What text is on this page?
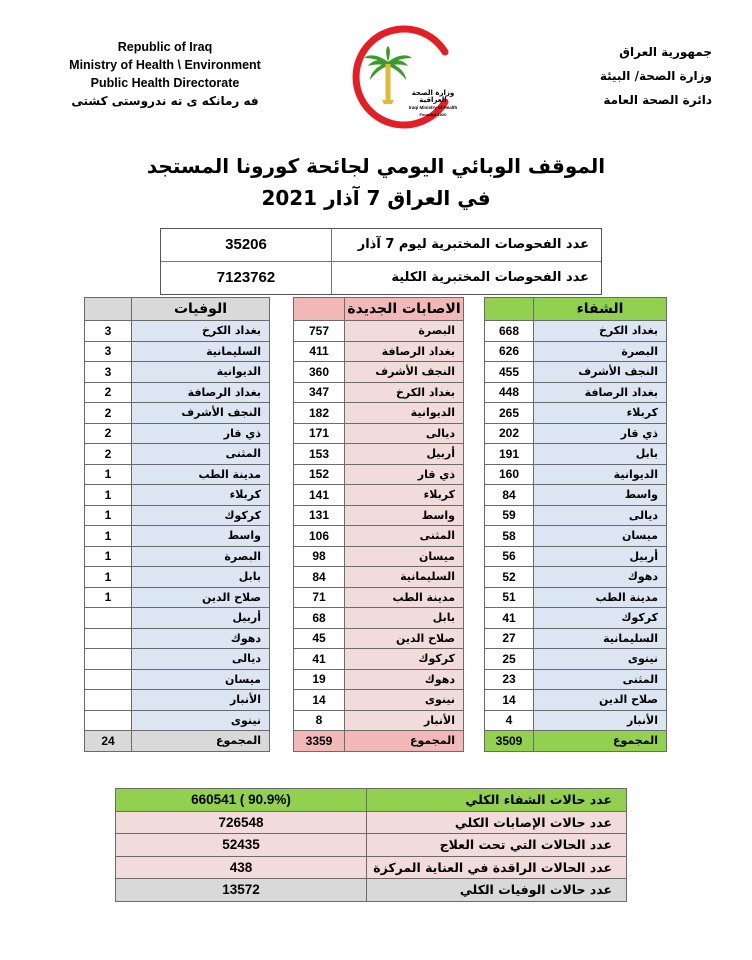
Republic of Iraq
Ministry of Health \ Environment
Public Health Directorate
فه رمانكه ى ته ندروستى كشتى
جمهورية العراق
وزارة الصحة/ البيئة
دائرة الصحة العامة
وزارة الصحة العراقية
Iraqi Ministry of Health
Founded 1920
الموقف الوبائي اليومي لجائحة كورونا المستجد
في العراق 7 آذار 2021
35206	عدد الفحوصات المختبرية ليوم 7 آذار
7123762	عدد الفحوصات المختبرية الكلية
	الوفيات
3	بغداد الكرخ
3	السليمانية
3	الديوانية
2	بغداد الرصافة
2	النجف الأشرف
2	ذي قار
2	المثنى
1	مدينة الطب
1	كربلاء
1	كركوك
1	واسط
1	البصرة
1	بابل
1	صلاح الدين
	أربيل
	دهوك
	ديالى
	ميسان
	الأنبار
	نينوى
24	المجموع
	الاصابات الجديدة
757	البصرة
411	بغداد الرصافة
360	النجف الأشرف
347	بغداد الكرخ
182	الديوانية
171	ديالى
153	أربيل
152	ذي قار
141	كربلاء
131	واسط
106	المثنى
98	ميسان
84	السليمانية
71	مدينة الطب
68	بابل
45	صلاح الدين
41	كركوك
19	دهوك
14	نينوى
8	الأنبار
3359	المجموع
	الشفاء
668	بغداد الكرخ
626	البصرة
455	النجف الأشرف
448	بغداد الرصافة
265	كربلاء
202	ذي قار
191	بابل
160	الديوانية
84	واسط
59	ديالى
58	ميسان
56	أربيل
52	دهوك
51	مدينة الطب
41	كركوك
27	السليمانية
25	نينوى
23	المثنى
14	صلاح الدين
4	الأنبار
3509	المجموع
660541 ( 90.9%)	عدد حالات الشفاء الكلي
726548	عدد حالات الإصابات الكلي
52435	عدد الحالات التي تحت العلاج
438	عدد الحالات الراقدة في العناية المركزة
13572	عدد حالات الوفيات الكلي
